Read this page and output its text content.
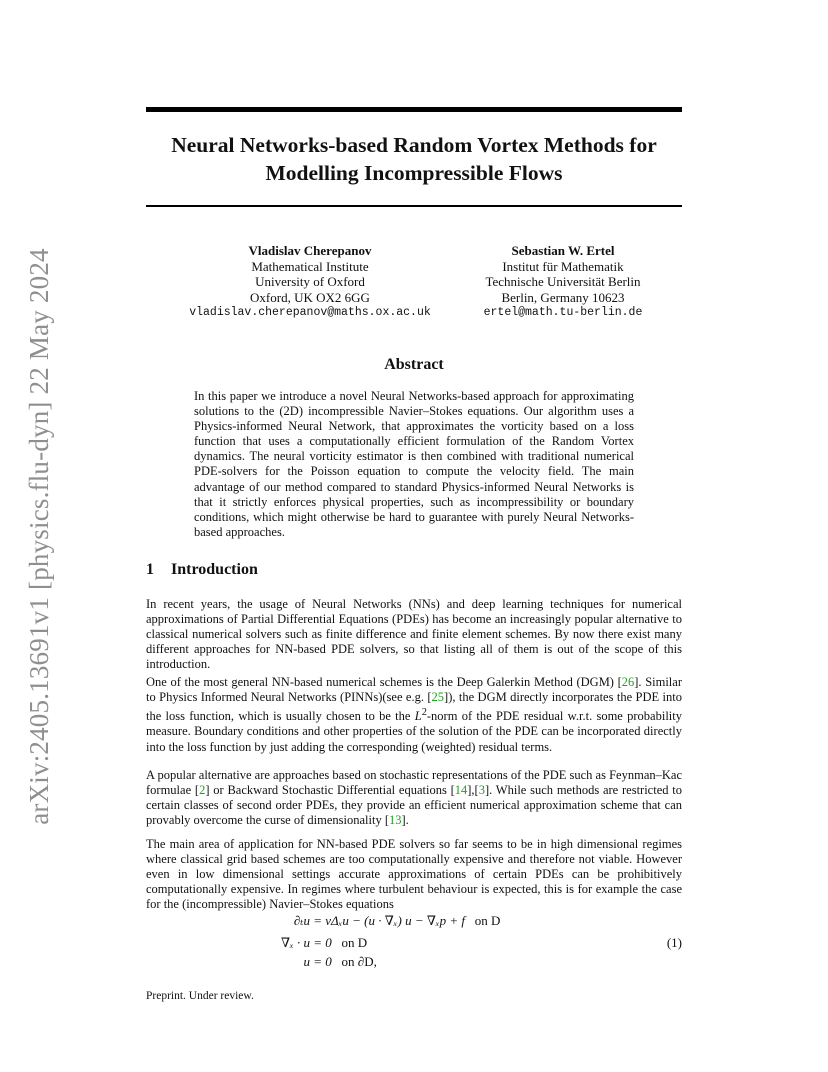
arXiv:2405.13691v1 [physics.flu-dyn] 22 May 2024
Neural Networks-based Random Vortex Methods for
Modelling Incompressible Flows
Vladislav Cherepanov
Mathematical Institute
University of Oxford
Oxford, UK OX2 6GG
vladislav.cherepanov@maths.ox.ac.uk
Sebastian W. Ertel
Institut für Mathematik
Technische Universität Berlin
Berlin, Germany 10623
ertel@math.tu-berlin.de
Abstract
In this paper we introduce a novel Neural Networks-based approach for approximating solutions to the (2D) incompressible Navier–Stokes equations. Our algorithm uses a Physics-informed Neural Network, that approximates the vorticity based on a loss function that uses a computationally efficient formulation of the Random Vortex dynamics. The neural vorticity estimator is then combined with traditional numerical PDE-solvers for the Poisson equation to compute the velocity field. The main advantage of our method compared to standard Physics-informed Neural Networks is that it strictly enforces physical properties, such as incompressibility or boundary conditions, which might otherwise be hard to guarantee with purely Neural Networks-based approaches.
1 Introduction

In recent years, the usage of Neural Networks (NNs) and deep learning techniques for numerical approximations of Partial Differential Equations (PDEs) has become an increasingly popular alternative to classical numerical solvers such as finite difference and finite element schemes. By now there exist many different approaches for NN-based PDE solvers, so that listing all of them is out of the scope of this introduction.

One of the most general NN-based numerical schemes is the Deep Galerkin Method (DGM) [26]. Similar to Physics Informed Neural Networks (PINNs)(see e.g. [25]), the DGM directly incorporates the PDE into the loss function, which is usually chosen to be the $L^2$-norm of the PDE residual w.r.t. some probability measure. Boundary conditions and other properties of the solution of the PDE can be incorporated directly into the loss function by just adding the corresponding (weighted) residual terms.

A popular alternative are approaches based on stochastic representations of the PDE such as Feynman–Kac formulae [2] or Backward Stochastic Differential equations [14],[3]. While such methods are restricted to certain classes of second order PDEs, they provide an efficient numerical approximation scheme that can provably overcome the curse of dimensionality [13].

The main area of application for NN-based PDE solvers so far seems to be in high dimensional regimes where classical grid based schemes are too computationally expensive and therefore not viable. However even in low dimensional settings accurate approximations of certain PDEs can be prohibitively computationally expensive. In regimes where turbulent behaviour is expected, this is for example the case for the (incompressible) Navier–Stokes equations

∂ₜu = νΔₓu − (u · ∇ₓ) u − ∇ₓp + f on D
∇ₓ · u = 0 on D
u = 0 on ∂D,
(1)
Preprint. Under review.
